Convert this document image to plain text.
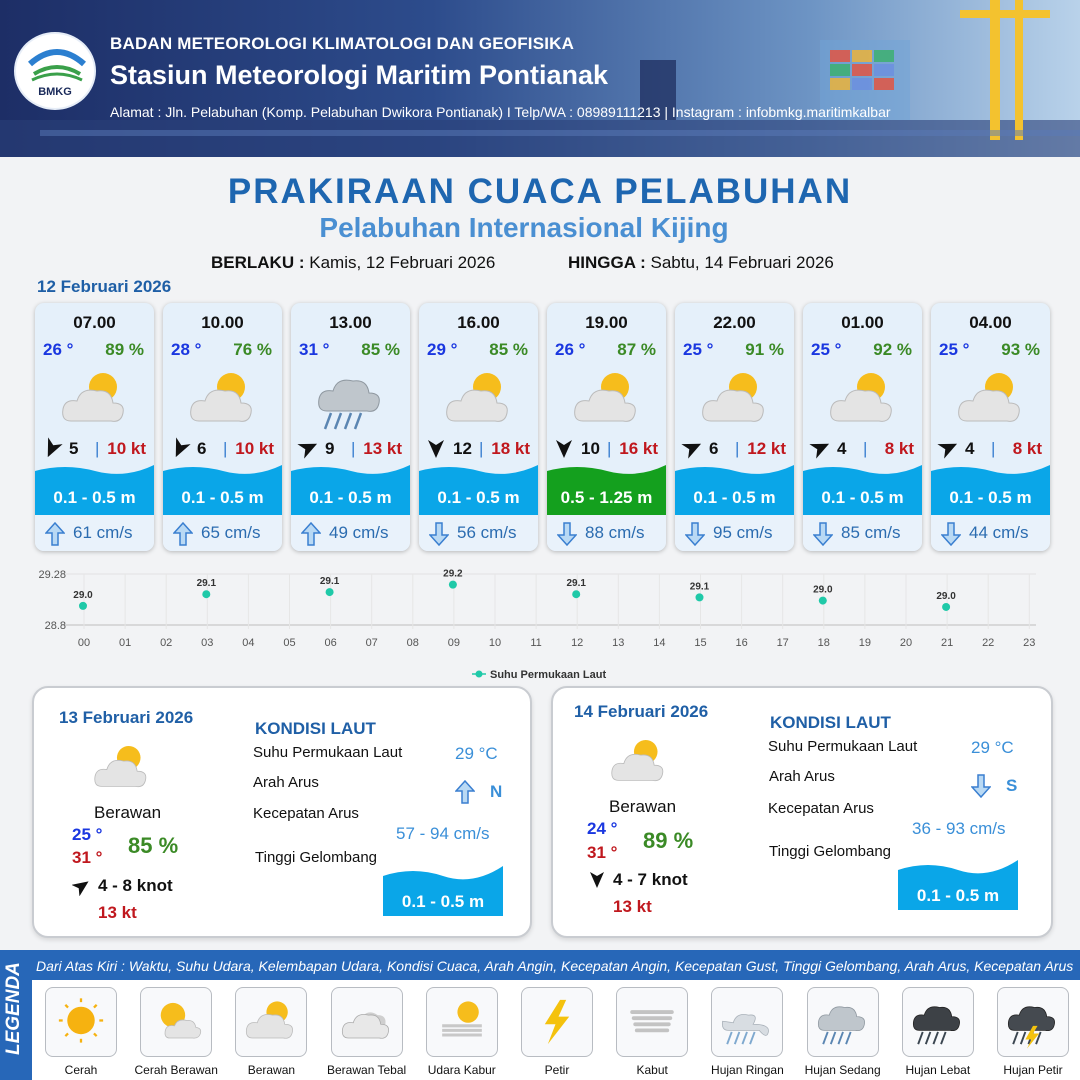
BMKG
BADAN METEOROLOGI KLIMATOLOGI DAN GEOFISIKA
Stasiun Meteorologi Maritim Pontianak
Alamat : Jln. Pelabuhan (Komp. Pelabuhan Dwikora Pontianak) I Telp/WA : 08989111213 | Instagram : infobmkg.maritimkalbar
PRAKIRAAN CUACA PELABUHAN
Pelabuhan Internasional Kijing
BERLAKU : Kamis, 12 Februari 2026	HINGGA : Sabtu, 14 Februari 2026
12 Februari 2026
07.00
26 ° 89 %
5 | 10 kt
0.1 - 0.5 m
61 cm/s
10.00
28 ° 76 %
6 | 10 kt
0.1 - 0.5 m
65 cm/s
13.00
31 ° 85 %
9 | 13 kt
0.1 - 0.5 m
49 cm/s
16.00
29 ° 85 %
12 | 18 kt
0.1 - 0.5 m
56 cm/s
19.00
26 ° 87 %
10 | 16 kt
0.5 - 1.25 m
88 cm/s
22.00
25 ° 91 %
6 | 12 kt
0.1 - 0.5 m
95 cm/s
01.00
25 ° 92 %
4 | 8 kt
0.1 - 0.5 m
85 cm/s
04.00
25 ° 93 %
4 | 8 kt
0.1 - 0.5 m
44 cm/s
00	01	02	03	04	05	06	07	08	09	10	11	12	13	14	15	16	17	18	19	20	21	22	23
29.28
28.8
29.0
29.1	29.1
29.2
29.1	29.1	29.0
29.0
Suhu Permukaan Laut
13 Februari 2026
Berawan
25 °
31 ° 85 %
4 - 8 knot
13 kt
KONDISI LAUT
Suhu Permukaan Laut	29 °C
Arah Arus	N
Kecepatan Arus
57 - 94 cm/s
Tinggi Gelombang
0.1 - 0.5 m
14 Februari 2026
Berawan
24 °
31 ° 89 %
4 - 7 knot
13 kt
KONDISI LAUT
Suhu Permukaan Laut	29 °C
Arah Arus	S
Kecepatan Arus
36 - 93 cm/s
Tinggi Gelombang
0.1 - 0.5 m
LEGENDA Dari Atas Kiri : Waktu, Suhu Udara, Kelembapan Udara, Kondisi Cuaca, Arah Angin, Kecepatan Angin, Kecepatan Gust, Tinggi Gelombang, Arah Arus, Kecepatan Arus
Cerah	Cerah Berawan	Berawan	Berawan Tebal	Udara Kabur	Petir	Kabut	Hujan Ringan	Hujan Sedang	Hujan Lebat	Hujan Petir
